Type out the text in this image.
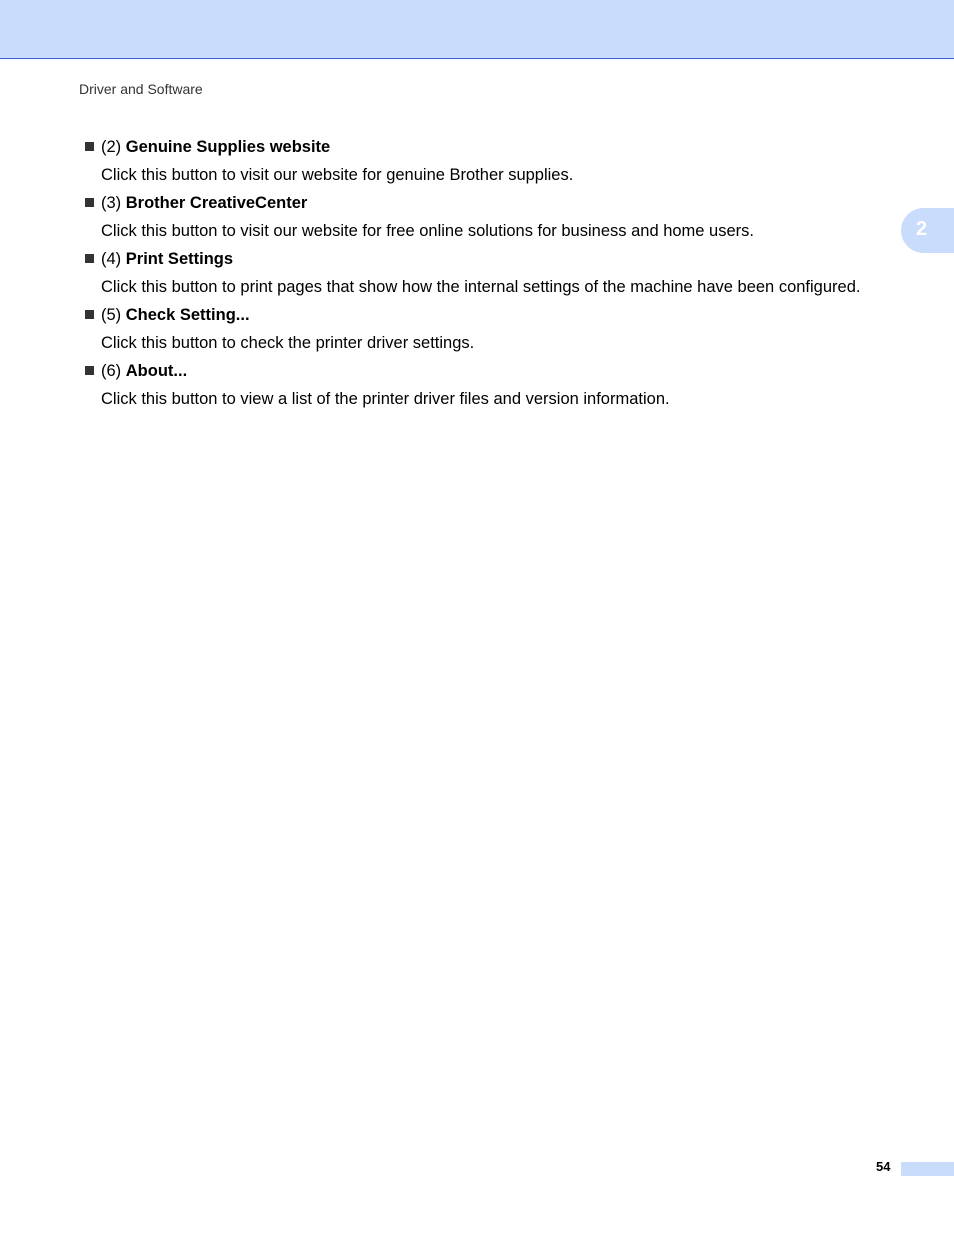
Driver and Software
2
(2) Genuine Supplies website
Click this button to visit our website for genuine Brother supplies.
(3) Brother CreativeCenter
Click this button to visit our website for free online solutions for business and home users.
(4) Print Settings
Click this button to print pages that show how the internal settings of the machine have been configured.
(5) Check Setting...
Click this button to check the printer driver settings.
(6) About...
Click this button to view a list of the printer driver files and version information.
54
